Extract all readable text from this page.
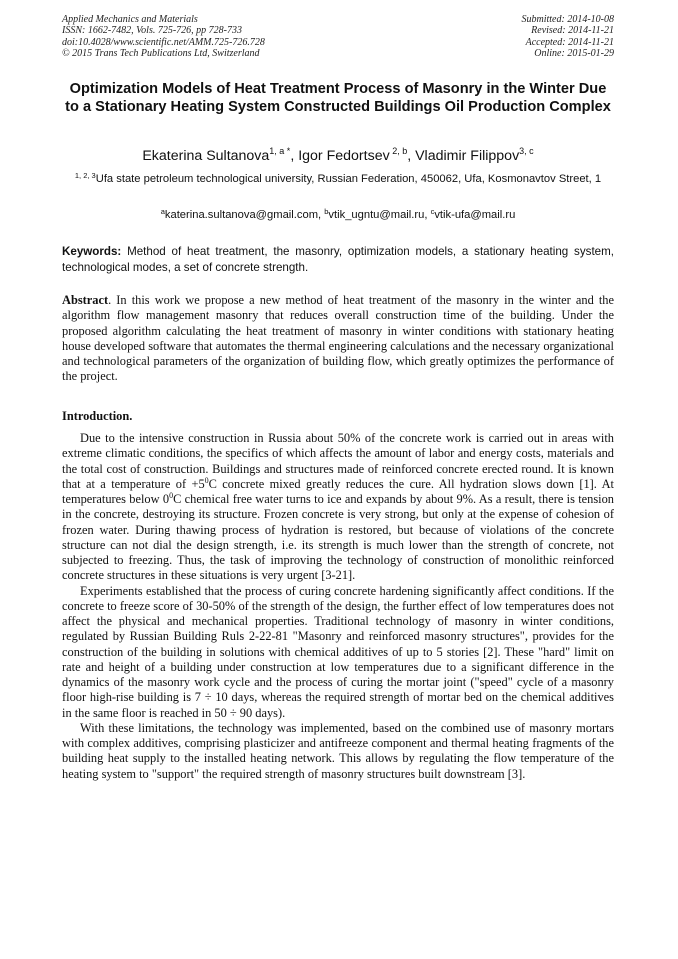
Applied Mechanics and Materials
ISSN: 1662-7482, Vols. 725-726, pp 728-733
doi:10.4028/www.scientific.net/AMM.725-726.728
© 2015 Trans Tech Publications Ltd, Switzerland
Submitted: 2014-10-08
Revised: 2014-11-21
Accepted: 2014-11-21
Online: 2015-01-29
Optimization Models of Heat Treatment Process of Masonry in the Winter Due to a Stationary Heating System Constructed Buildings Oil Production Complex
Ekaterina Sultanova$^{1, a *}$, Igor Fedortsev $^{2, b}$, Vladimir Filippov$^{3, c}$
$^{1, 2, 3}$Ufa state petroleum technological university, Russian Federation, 450062, Ufa, Kosmonavtov Street, 1
$^a$katerina.sultanova@gmail.com, $^b$vtik_ugntu@mail.ru, $^c$vtik-ufa@mail.ru
Keywords: Method of heat treatment, the masonry, optimization models, a stationary heating system, technological modes, a set of concrete strength.
Abstract. In this work we propose a new method of heat treatment of the masonry in the winter and the algorithm flow management masonry that reduces overall construction time of the building. Under the proposed algorithm calculating the heat treatment of masonry in winter conditions with stationary heating house developed software that automates the thermal engineering calculations and the necessary organizational and technological parameters of the organization of building flow, which greatly optimizes the performance of the project.
Introduction.

Due to the intensive construction in Russia about 50% of the concrete work is carried out in areas with extreme climatic conditions, the specifics of which affects the amount of labor and energy costs, materials and the total cost of construction. Buildings and structures made of reinforced concrete erected round. It is known that at a temperature of $+5^0C$ concrete mixed greatly reduces the cure. All hydration slows down [1]. At temperatures below $0^0C$ chemical free water turns to ice and expands by about 9%. As a result, there is tension in the concrete, destroying its structure. Frozen concrete is very strong, but only at the expense of cohesion of frozen water. During thawing process of hydration is restored, but because of violations of the concrete structure can not dial the design strength, i.e. its strength is much lower than the strength of concrete, not subjected to freezing. Thus, the task of improving the technology of construction of monolithic reinforced concrete structures in these situations is very urgent [3-21].

Experiments established that the process of curing concrete hardening significantly affect conditions. If the concrete to freeze score of 30-50% of the strength of the design, the further effect of low temperatures does not affect the physical and mechanical properties. Traditional technology of masonry in winter conditions, regulated by Russian Building Ruls 2-22-81 "Masonry and reinforced masonry structures", provides for the construction of the building in solutions with chemical additives of up to 5 stories [2]. These "hard" limit on rate and height of a building under construction at low temperatures due to a significant difference in the dynamics of the masonry work cycle and the process of curing the mortar joint ("speed" cycle of a masonry floor high-rise building is 7 ÷ 10 days, whereas the required strength of mortar bed on the chemical additives in the same floor is reached in 50 ÷ 90 days).

With these limitations, the technology was implemented, based on the combined use of masonry mortars with complex additives, comprising plasticizer and antifreeze component and thermal heating fragments of the building heat supply to the installed heating network. This allows by regulating the flow temperature of the heating system to "support" the required strength of masonry structures built downstream [3].
